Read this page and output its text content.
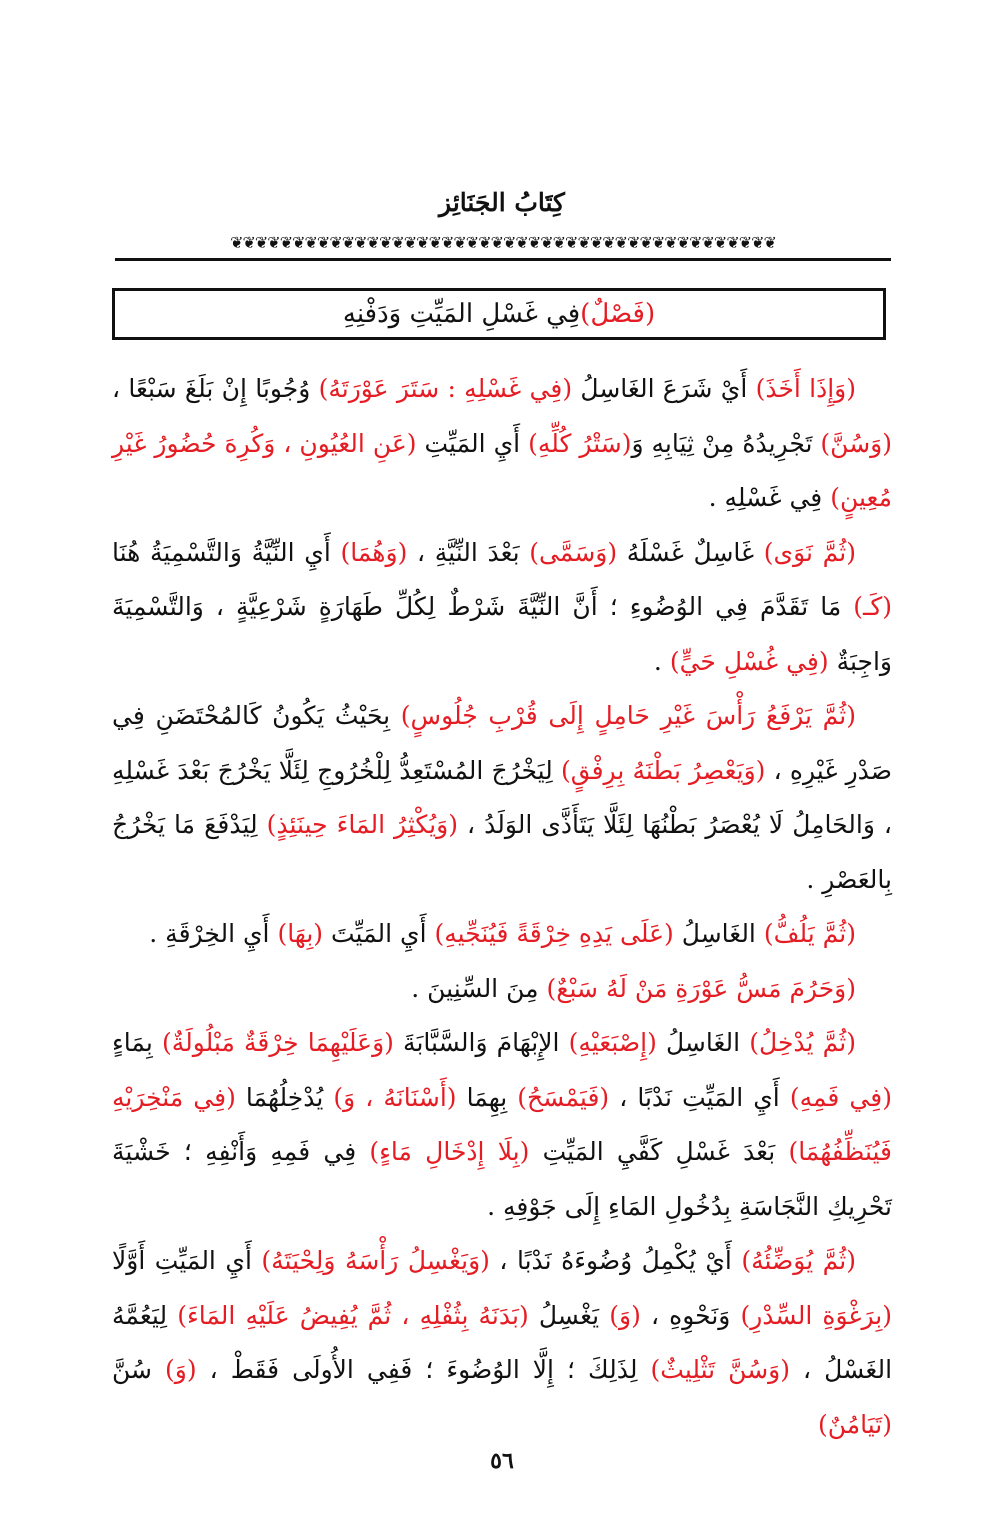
كِتَابُ الجَنَائِز
❦❦❦❦❦❦❦❦❦❦❦❦❦❦❦❦❦❦❦❦❦❦❦❦❦❦❦❦❦❦❦❦❦❦❦❦❦❦❦❦❦❦❦❦
(فَصْلٌ)
فِي غَسْلِ المَيِّتِ وَدَفْنِهِ

(وَإِذَا أَخَذَ) أَيْ شَرَعَ الغَاسِلُ (فِي غَسْلِهِ : سَتَرَ عَوْرَتَهُ) وُجُوبًا إِنْ بَلَغَ سَبْعًا ، (وَسُنَّ) تَجْرِيدُهُ مِنْ ثِيَابِهِ وَ(سَتْرُ كُلِّهِ) أَيِ المَيِّتِ (عَنِ العُيُونِ ، وَكُرِهَ حُضُورُ غَيْرِ مُعِينٍ) فِي غَسْلِهِ .

(ثُمَّ نَوَى) غَاسِلٌ غَسْلَهُ (وَسَمَّى) بَعْدَ النِّيَّةِ ، (وَهُمَا) أَيِ النِّيَّةُ وَالتَّسْمِيَةُ هُنَا (كَـ) مَا تَقَدَّمَ فِي الوُضُوءِ ؛ أَنَّ النِّيَّةَ شَرْطٌ لِكُلِّ طَهَارَةٍ شَرْعِيَّةٍ ، وَالتَّسْمِيَةَ وَاجِبَةٌ (فِي غُسْلِ حَيٍّ) .

(ثُمَّ يَرْفَعُ رَأْسَ غَيْرِ حَامِلٍ إِلَى قُرْبِ جُلُوسٍ) بِحَيْثُ يَكُونُ كَالمُحْتَضَنِ فِي صَدْرِ غَيْرِهِ ، (وَيَعْصِرُ بَطْنَهُ بِرِفْقٍ) لِيَخْرُجَ المُسْتَعِدُّ لِلْخُرُوجِ لِئَلَّا يَخْرُجَ بَعْدَ غَسْلِهِ ، وَالحَامِلُ لَا يُعْصَرُ بَطْنُهَا لِئَلَّا يَتَأَذَّى الوَلَدُ ، (وَيُكْثِرُ المَاءَ حِينَئِذٍ) لِيَدْفَعَ مَا يَخْرُجُ بِالعَصْرِ .

(ثُمَّ يَلُفُّ) الغَاسِلُ (عَلَى يَدِهِ خِرْقَةً فَيُنَجِّيهِ) أَيِ المَيِّتَ (بِهَا) أَيِ الخِرْقَةِ .

(وَحَرُمَ مَسُّ عَوْرَةِ مَنْ لَهُ سَبْعٌ) مِنَ السِّنِينَ .

(ثُمَّ يُدْخِلُ) الغَاسِلُ (إِصْبَعَيْهِ) الإِبْهَامَ وَالسَّبَّابَةَ (وَعَلَيْهِمَا خِرْقَةٌ مَبْلُولَةٌ) بِمَاءٍ (فِي فَمِهِ) أَيِ المَيِّتِ نَدْبًا ، (فَيَمْسَحُ) بِهِمَا (أَسْنَانَهُ ، وَ) يُدْخِلُهُمَا (فِي مَنْخِرَيْهِ فَيُنَظِّفُهُمَا) بَعْدَ غَسْلِ كَفَّيِ المَيِّتِ (بِلَا إِدْخَالِ مَاءٍ) فِي فَمِهِ وَأَنْفِهِ ؛ خَشْيَةَ تَحْرِيكِ النَّجَاسَةِ بِدُخُولِ المَاءِ إِلَى جَوْفِهِ .

(ثُمَّ يُوَضِّئُهُ) أَيْ يُكْمِلُ وُضُوءَهُ نَدْبًا ، (وَيَغْسِلُ رَأْسَهُ وَلِحْيَتَهُ) أَيِ المَيِّتِ أَوَّلًا (بِرَغْوَةِ السِّدْرِ) وَنَحْوِهِ ، (وَ) يَغْسِلُ (بَدَنَهُ بِثُفْلِهِ ، ثُمَّ يُفِيضُ عَلَيْهِ المَاءَ) لِيَعُمَّهُ الغَسْلُ ، (وَسُنَّ تَثْلِيثٌ) لِذَلِكَ ؛ إِلَّا الوُضُوءَ ؛ فَفِي الأُولَى فَقَطْ ، (وَ) سُنَّ (تَيَامُنٌ)

٥٦
